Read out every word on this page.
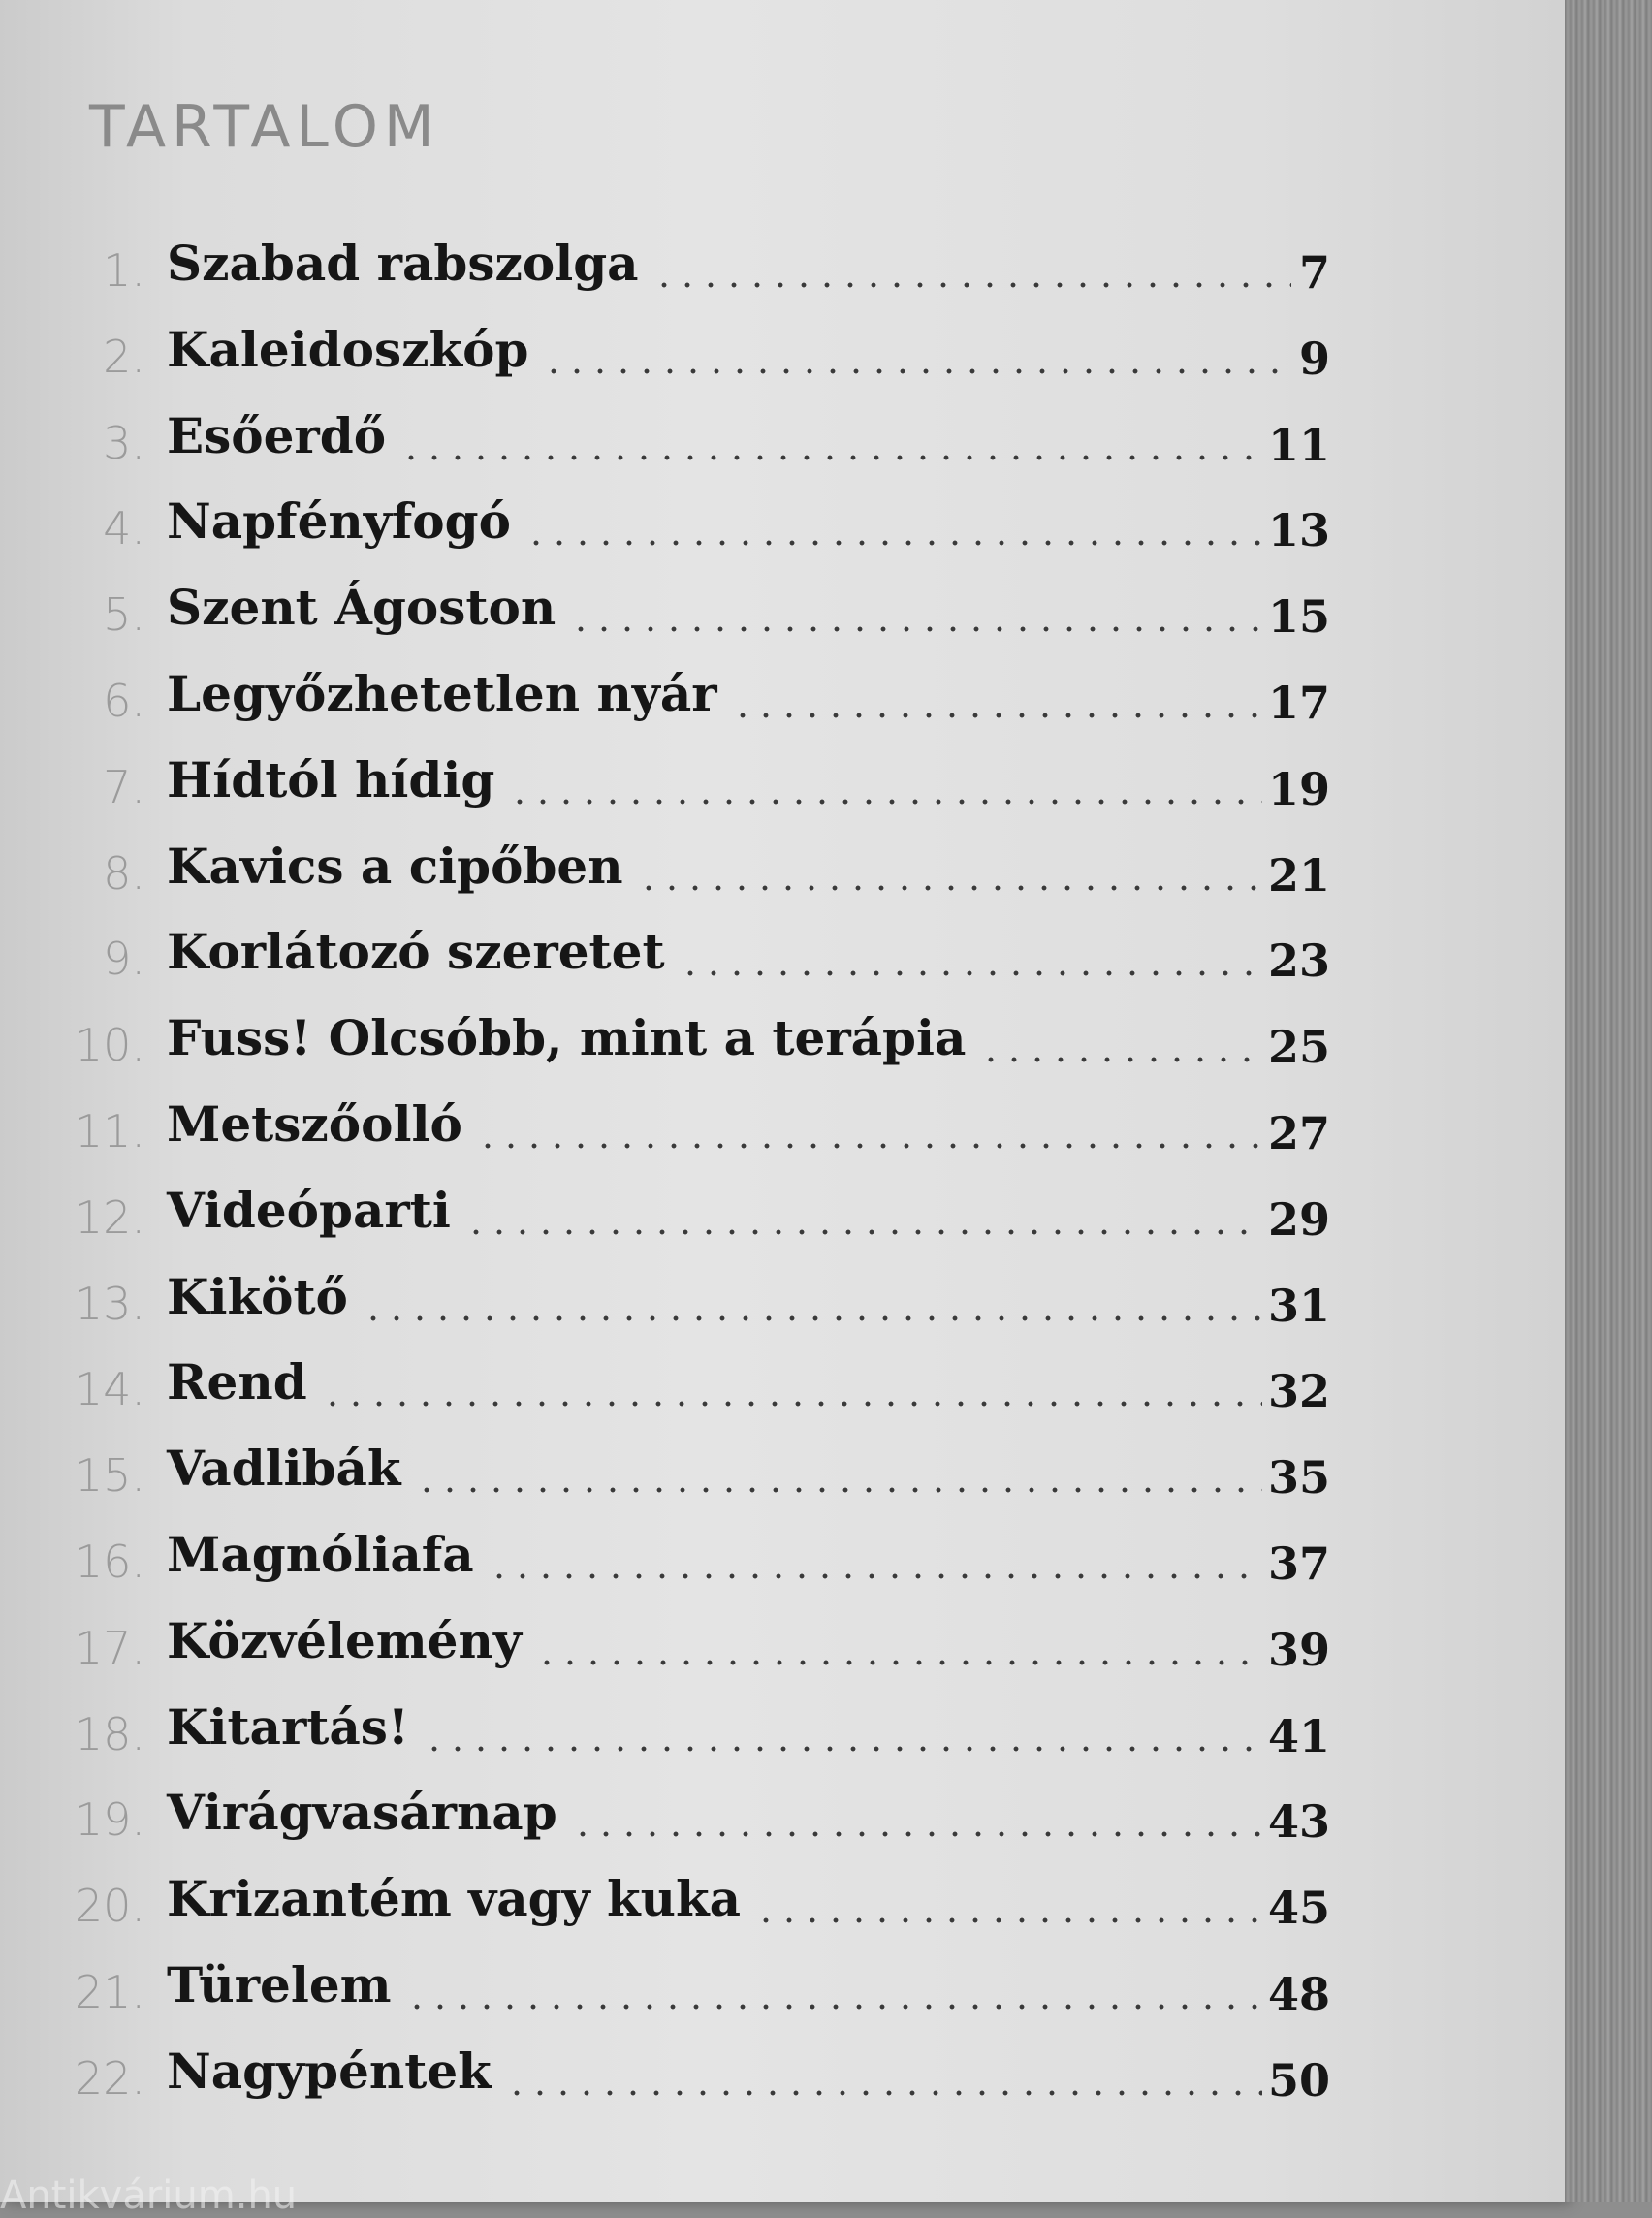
TARTALOM
1. Szabad rabszolga	7
2. Kaleidoszkóp	9
3. Esőerdő	11
4. Napfényfogó	13
5. Szent Ágoston	15
6. Legyőzhetetlen nyár	17
7. Hídtól hídig	19
8. Kavics a cipőben	21
9. Korlátozó szeretet	23
10. Fuss! Olcsóbb, mint a terápia	25
11. Metszőolló	27
12. Videóparti	29
13. Kikötő	31
14. Rend	32
15. Vadlibák	35
16. Magnóliafa	37
17. Közvélemény	39
18. Kitartás!	41
19. Virágvasárnap	43
20. Krizantém vagy kuka	45
21. Türelem	48
22. Nagypéntek	50
Antikvárium.hu
